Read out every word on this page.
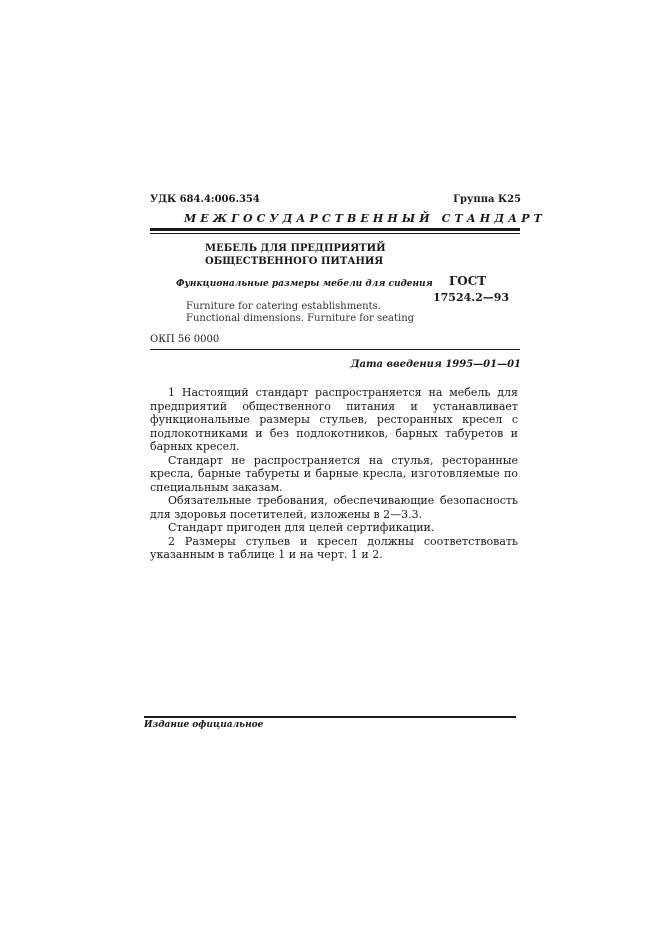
УДК 684.4:006.354	Группа К25
МЕЖГОСУДАРСТВЕННЫЙ СТАНДАРТ
МЕБЕЛЬ ДЛЯ ПРЕДПРИЯТИЙ
ОБЩЕСТВЕННОГО ПИТАНИЯ
Функциональные размеры мебели для сидения ГОСТ
17524.2—93
Furniture for catering establishments.
Functional dimensions. Furniture for seating
ОКП 56 0000
Дата введения 1995—01—01

1 Настоящий стандарт распространяется на мебель для предприятий общественного питания и устанавливает функциональные размеры стульев, ресторанных кресел с подлокотниками и без подлокотников, барных табуретов и барных кресел.

Стандарт не распространяется на стулья, ресторанные кресла, барные табуреты и барные кресла, изготовляемые по специальным заказам.

Обязательные требования, обеспечивающие безопасность для здоровья посетителей, изложены в 2—3.3.

Стандарт пригоден для целей сертификации.

2 Размеры стульев и кресел должны соответствовать указанным в таблице 1 и на черт. 1 и 2.

Издание официальное
